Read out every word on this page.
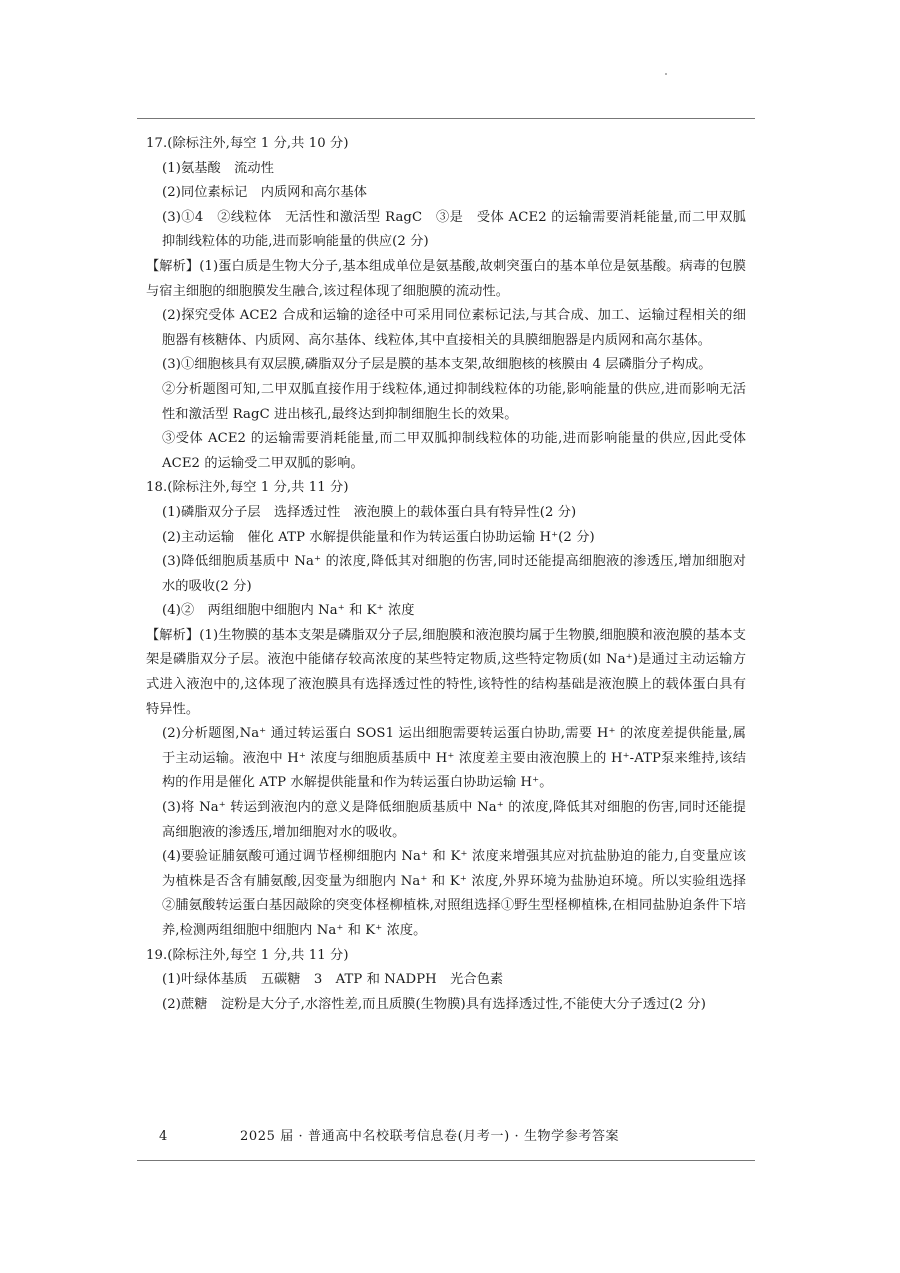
17.(除标注外,每空 1 分,共 10 分)

(1)氨基酸　流动性

(2)同位素标记　内质网和高尔基体

(3)①4　②线粒体　无活性和激活型 RagC　③是　受体 ACE2 的运输需要消耗能量,而二甲双胍抑制线粒体的功能,进而影响能量的供应(2 分)

【解析】(1)蛋白质是生物大分子,基本组成单位是氨基酸,故刺突蛋白的基本单位是氨基酸。病毒的包膜与宿主细胞的细胞膜发生融合,该过程体现了细胞膜的流动性。

(2)探究受体 ACE2 合成和运输的途径中可采用同位素标记法,与其合成、加工、运输过程相关的细胞器有核糖体、内质网、高尔基体、线粒体,其中直接相关的具膜细胞器是内质网和高尔基体。

(3)①细胞核具有双层膜,磷脂双分子层是膜的基本支架,故细胞核的核膜由 4 层磷脂分子构成。

②分析题图可知,二甲双胍直接作用于线粒体,通过抑制线粒体的功能,影响能量的供应,进而影响无活性和激活型 RagC 进出核孔,最终达到抑制细胞生长的效果。

③受体 ACE2 的运输需要消耗能量,而二甲双胍抑制线粒体的功能,进而影响能量的供应,因此受体 ACE2 的运输受二甲双胍的影响。

18.(除标注外,每空 1 分,共 11 分)

(1)磷脂双分子层　选择透过性　液泡膜上的载体蛋白具有特异性(2 分)

(2)主动运输　催化 ATP 水解提供能量和作为转运蛋白协助运输 H⁺(2 分)

(3)降低细胞质基质中 Na⁺ 的浓度,降低其对细胞的伤害,同时还能提高细胞液的渗透压,增加细胞对水的吸收(2 分)

(4)②　两组细胞中细胞内 Na⁺ 和 K⁺ 浓度

【解析】(1)生物膜的基本支架是磷脂双分子层,细胞膜和液泡膜均属于生物膜,细胞膜和液泡膜的基本支架是磷脂双分子层。液泡中能储存较高浓度的某些特定物质,这些特定物质(如 Na⁺)是通过主动运输方式进入液泡中的,这体现了液泡膜具有选择透过性的特性,该特性的结构基础是液泡膜上的载体蛋白具有特异性。

(2)分析题图,Na⁺ 通过转运蛋白 SOS1 运出细胞需要转运蛋白协助,需要 H⁺ 的浓度差提供能量,属于主动运输。液泡中 H⁺ 浓度与细胞质基质中 H⁺ 浓度差主要由液泡膜上的 H⁺-ATP泵来维持,该结构的作用是催化 ATP 水解提供能量和作为转运蛋白协助运输 H⁺。

(3)将 Na⁺ 转运到液泡内的意义是降低细胞质基质中 Na⁺ 的浓度,降低其对细胞的伤害,同时还能提高细胞液的渗透压,增加细胞对水的吸收。

(4)要验证脯氨酸可通过调节柽柳细胞内 Na⁺ 和 K⁺ 浓度来增强其应对抗盐胁迫的能力,自变量应该为植株是否含有脯氨酸,因变量为细胞内 Na⁺ 和 K⁺ 浓度,外界环境为盐胁迫环境。所以实验组选择②脯氨酸转运蛋白基因敲除的突变体柽柳植株,对照组选择①野生型柽柳植株,在相同盐胁迫条件下培养,检测两组细胞中细胞内 Na⁺ 和 K⁺ 浓度。

19.(除标注外,每空 1 分,共 11 分)

(1)叶绿体基质　五碳糖　3　ATP 和 NADPH　光合色素

(2)蔗糖　淀粉是大分子,水溶性差,而且质膜(生物膜)具有选择透过性,不能使大分子透过(2 分)

4	2025 届 · 普通高中名校联考信息卷(月考一) · 生物学参考答案
